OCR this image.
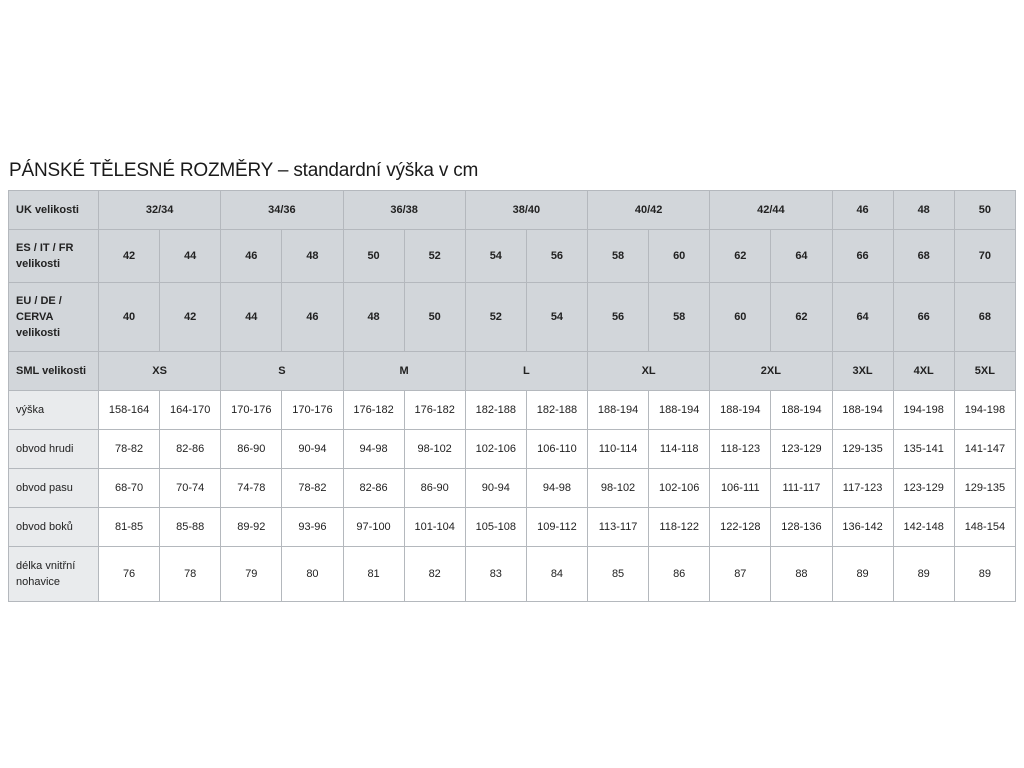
PÁNSKÉ TĚLESNÉ ROZMĚRY – standardní výška v cm
UK velikosti	32/34		34/36		36/38		38/40		40/42		42/44		46	48	50
ES / IT / FR velikosti	42	44	46	48	50	52	54	56	58	60	62	64	66	68	70
EU / DE / CERVA velikosti	40	42	44	46	48	50	52	54	56	58	60	62	64	66	68
SML velikosti	XS		S		M		L		XL		2XL		3XL	4XL	5XL
výška	158-164	164-170	170-176	170-176	176-182	176-182	182-188	182-188	188-194	188-194	188-194	188-194	188-194	194-198	194-198
obvod hrudi	78-82	82-86	86-90	90-94	94-98	98-102	102-106	106-110	110-114	114-118	118-123	123-129	129-135	135-141	141-147
obvod pasu	68-70	70-74	74-78	78-82	82-86	86-90	90-94	94-98	98-102	102-106	106-111	111-117	117-123	123-129	129-135
obvod boků	81-85	85-88	89-92	93-96	97-100	101-104	105-108	109-112	113-117	118-122	122-128	128-136	136-142	142-148	148-154
délka vnitřní nohavice	76	78	79	80	81	82	83	84	85	86	87	88	89	89	89
